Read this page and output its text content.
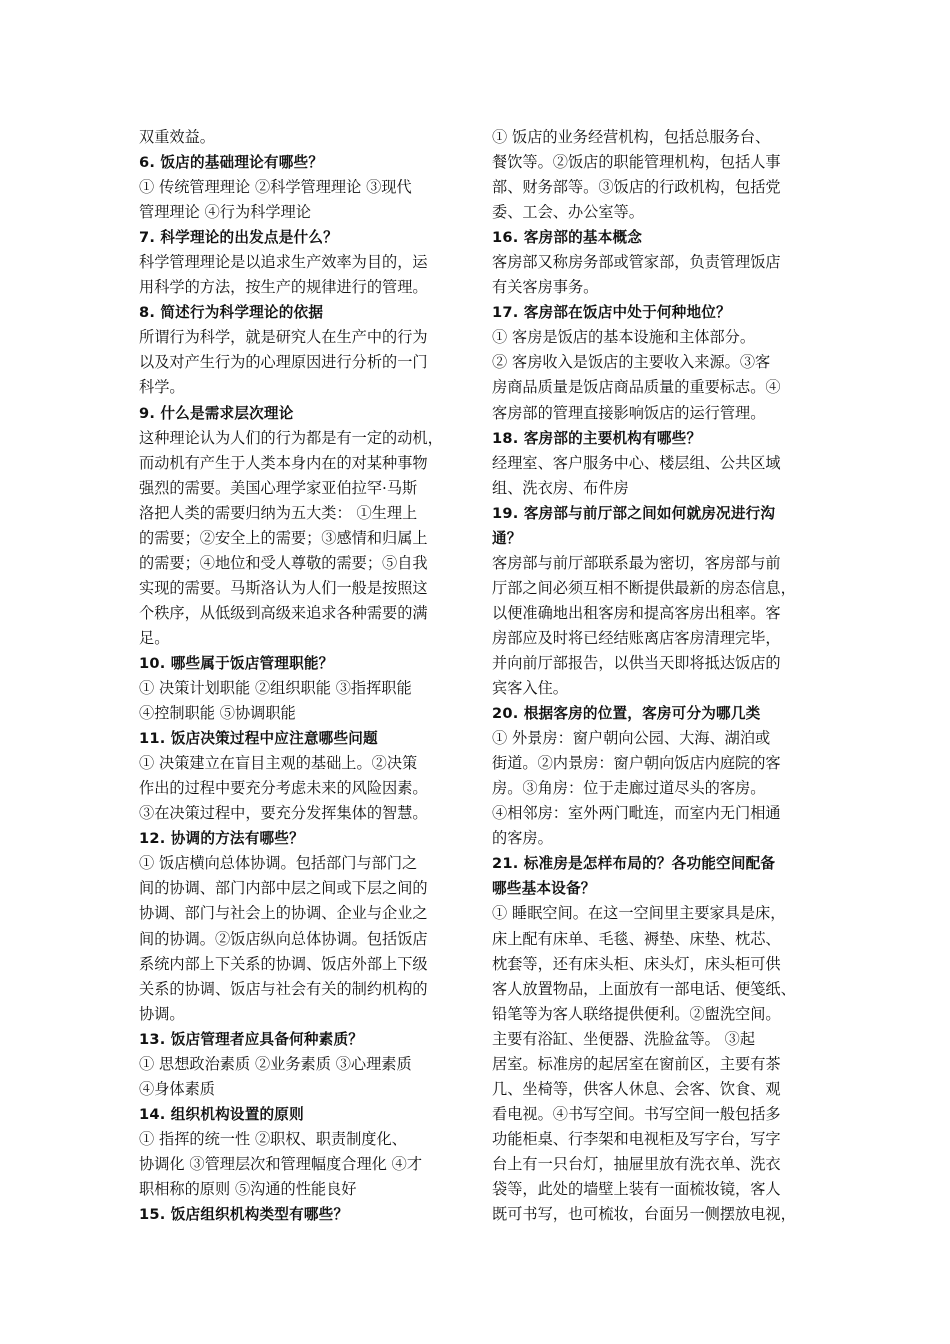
双重效益。
6. 饭店的基础理论有哪些？
① 传统管理理论 ②科学管理理论 ③现代
管理理论 ④行为科学理论
7. 科学理论的出发点是什么？
科学管理理论是以追求生产效率为目的，运
用科学的方法，按生产的规律进行的管理。
8. 简述行为科学理论的依据
所谓行为科学，就是研究人在生产中的行为
以及对产生行为的心理原因进行分析的一门
科学。
9. 什么是需求层次理论
这种理论认为人们的行为都是有一定的动机，
而动机有产生于人类本身内在的对某种事物
强烈的需要。美国心理学家亚伯拉罕·马斯
洛把人类的需要归纳为五大类： ①生理上
的需要；②安全上的需要；③感情和归属上
的需要；④地位和受人尊敬的需要；⑤自我
实现的需要。马斯洛认为人们一般是按照这
个秩序，从低级到高级来追求各种需要的满
足。
10. 哪些属于饭店管理职能？
① 决策计划职能 ②组织职能 ③指挥职能
④控制职能 ⑤协调职能
11. 饭店决策过程中应注意哪些问题
① 决策建立在盲目主观的基础上。②决策
作出的过程中要充分考虑未来的风险因素。
③在决策过程中，要充分发挥集体的智慧。
12. 协调的方法有哪些？
① 饭店横向总体协调。包括部门与部门之
间的协调、部门内部中层之间或下层之间的
协调、部门与社会上的协调、企业与企业之
间的协调。②饭店纵向总体协调。包括饭店
系统内部上下关系的协调、饭店外部上下级
关系的协调、饭店与社会有关的制约机构的
协调。
13. 饭店管理者应具备何种素质？
① 思想政治素质 ②业务素质 ③心理素质
④身体素质
14. 组织机构设置的原则
① 指挥的统一性 ②职权、职责制度化、
协调化 ③管理层次和管理幅度合理化 ④才
职相称的原则 ⑤沟通的性能良好
15. 饭店组织机构类型有哪些？
① 饭店的业务经营机构，包括总服务台、
餐饮等。②饭店的职能管理机构，包括人事
部、财务部等。③饭店的行政机构，包括党
委、工会、办公室等。
16. 客房部的基本概念
客房部又称房务部或管家部，负责管理饭店
有关客房事务。
17. 客房部在饭店中处于何种地位？
① 客房是饭店的基本设施和主体部分。
② 客房收入是饭店的主要收入来源。③客
房商品质量是饭店商品质量的重要标志。④
客房部的管理直接影响饭店的运行管理。
18. 客房部的主要机构有哪些？
经理室、客户服务中心、楼层组、公共区域
组、洗衣房、布件房
19. 客房部与前厅部之间如何就房况进行沟
通？
客房部与前厅部联系最为密切，客房部与前
厅部之间必须互相不断提供最新的房态信息，
以便准确地出租客房和提高客房出租率。客
房部应及时将已经结账离店客房清理完毕，
并向前厅部报告，以供当天即将抵达饭店的
宾客入住。
20. 根据客房的位置，客房可分为哪几类
① 外景房：窗户朝向公园、大海、湖泊或
街道。②内景房：窗户朝向饭店内庭院的客
房。③角房：位于走廊过道尽头的客房。
④相邻房：室外两门毗连，而室内无门相通
的客房。
21. 标准房是怎样布局的？各功能空间配备
哪些基本设备？
① 睡眠空间。在这一空间里主要家具是床，
床上配有床单、毛毯、褥垫、床垫、枕芯、
枕套等，还有床头柜、床头灯，床头柜可供
客人放置物品，上面放有一部电话、便笺纸、
铅笔等为客人联络提供便利。②盥洗空间。
主要有浴缸、坐便器、洗脸盆等。 ③起
居室。标准房的起居室在窗前区，主要有茶
几、坐椅等，供客人休息、会客、饮食、观
看电视。④书写空间。书写空间一般包括多
功能柜桌、行李架和电视柜及写字台，写字
台上有一只台灯，抽屉里放有洗衣单、洗衣
袋等，此处的墙壁上装有一面梳妆镜，客人
既可书写，也可梳妆，台面另一侧摆放电视，
